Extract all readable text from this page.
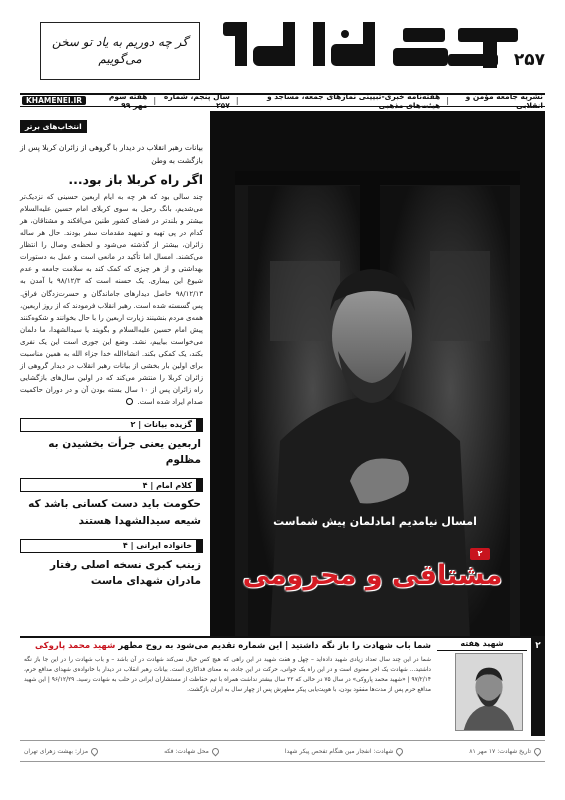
۲۵۷
گر چه دوریم به یاد تو سخن می‌گوییم
نشریه جامعه مؤمن و انقلابی
|
هفته‌نامه خبری-تبیینی نمازهای جمعه، مساجد و هیئت‌های مذهبی
|
سال پنجم، شماره ۲۵۷
|
هفته سوم مهر ۹۹
KHAMENEI.IR
انتخاب‌های برتر

بیانات رهبر انقلاب در دیدار با گروهی از زائران کربلا پس از بازگشت به وطن

اگر راه کربلا باز بود...

چند سالی بود که هر چه به ایام اربعین حسینی که نزدیک‌تر می‌شدیم، بانگ رحیل به سوی کربلای امام حسین علیه‌السلام بیشتر و بلندتر در فضای کشور طنین می‌افکند و مشتاقان، هر کدام در پی تهیه و تمهید مقدمات سفر بودند. حال هر ساله زائران، بیشتر از گذشته می‌شود و لحظه‌ی وصال را انتظار می‌کشند. امسال اما تأکید در مانعی است و عمل به دستورات بهداشتی و از هر چیزی که کمک کند به سلامت جامعه و عدم شیوع این بیماری. یک حسنه است که ۹۸/۱۲/۳ با آمدن به ۹۸/۱۲/۱۳ حاصل دیدارهای جاماندگان و حسرت‌زدگان فراق. پس گسسته شده است. رهبر انقلاب فرمودند که از روز اربعین، همه‌ی مردم بنشینند زیارت اربعین را با حال بخوانند و شکوه‌کنند پیش امام حسین علیه‌السلام و بگویند یا سیدالشهدا، ما دلمان می‌خواست بیاییم، نشد. وضع این جوری است این یک نفری بکند، یک کمکی بکند. انشاءالله خدا جزاء الله به همین مناسبت برای اولین بار بخشی از بیانات رهبر انقلاب در دیدار گروهی از زائران کربلا را منتشر می‌کند که در اولین سال‌های بازگشایی راه زائران پس از ۱۰ سال بسته بودن آن و در دوران حاکمیت صدام ایراد شده است.

گزیده بیانات | ۲
اربعین یعنی جرأت بخشیدن به مظلوم
کلام امام | ۴
حکومت باید دست کسانی باشد که شیعه سیدالشهدا هستند
خانواده ایرانی | ۴
زینب کبری نسخه اصلی رفتار مادران شهدای ماست
امسال نیامدیم امادلمان پیش شماست
۲
مشتاقی و محرومی
۲
شهید هفته
شما باب شهادت را باز نگه داشتید | این شماره تقدیم می‌شود به روح مطهر شهید محمد پاروکی

شما در این چند سال تعداد زیادی شهید داده‌اید – چهل و هفت شهید در این راهی که هیچ کس خیال نمی‌کند شهادت در آن باشد – و باب شهادت را در این جا باز نگه داشتید... شهادت یک اجر معنوی است و در این راه یک جوانی، حرکت در این جاده، به معنای فداکاری است. بیانات رهبر انقلاب در دیدار با خانواده‌ی شهدای مدافع حرم، ۹۷/۲/۱۴ | «شهید محمد پاروکی» در سال ۷۵ در حالی که ۲۲ سال بیشتر نداشت همراه با تیم حفاظت از مستشاران ایرانی در حلب به شهادت رسید. ۹۶/۱۲/۲۹ | این شهید مدافع حرم پس از مدت‌ها مفقود بودن، با هویت‌یابی پیکر مطهرش پس از چهار سال به ایران بازگشت.

تاریخ شهادت: ۱۷ مهر ۸۱
شهادت: انفجار مین هنگام تفحص پیکر شهدا
محل شهادت: فکه
مزار: بهشت زهرای تهران
